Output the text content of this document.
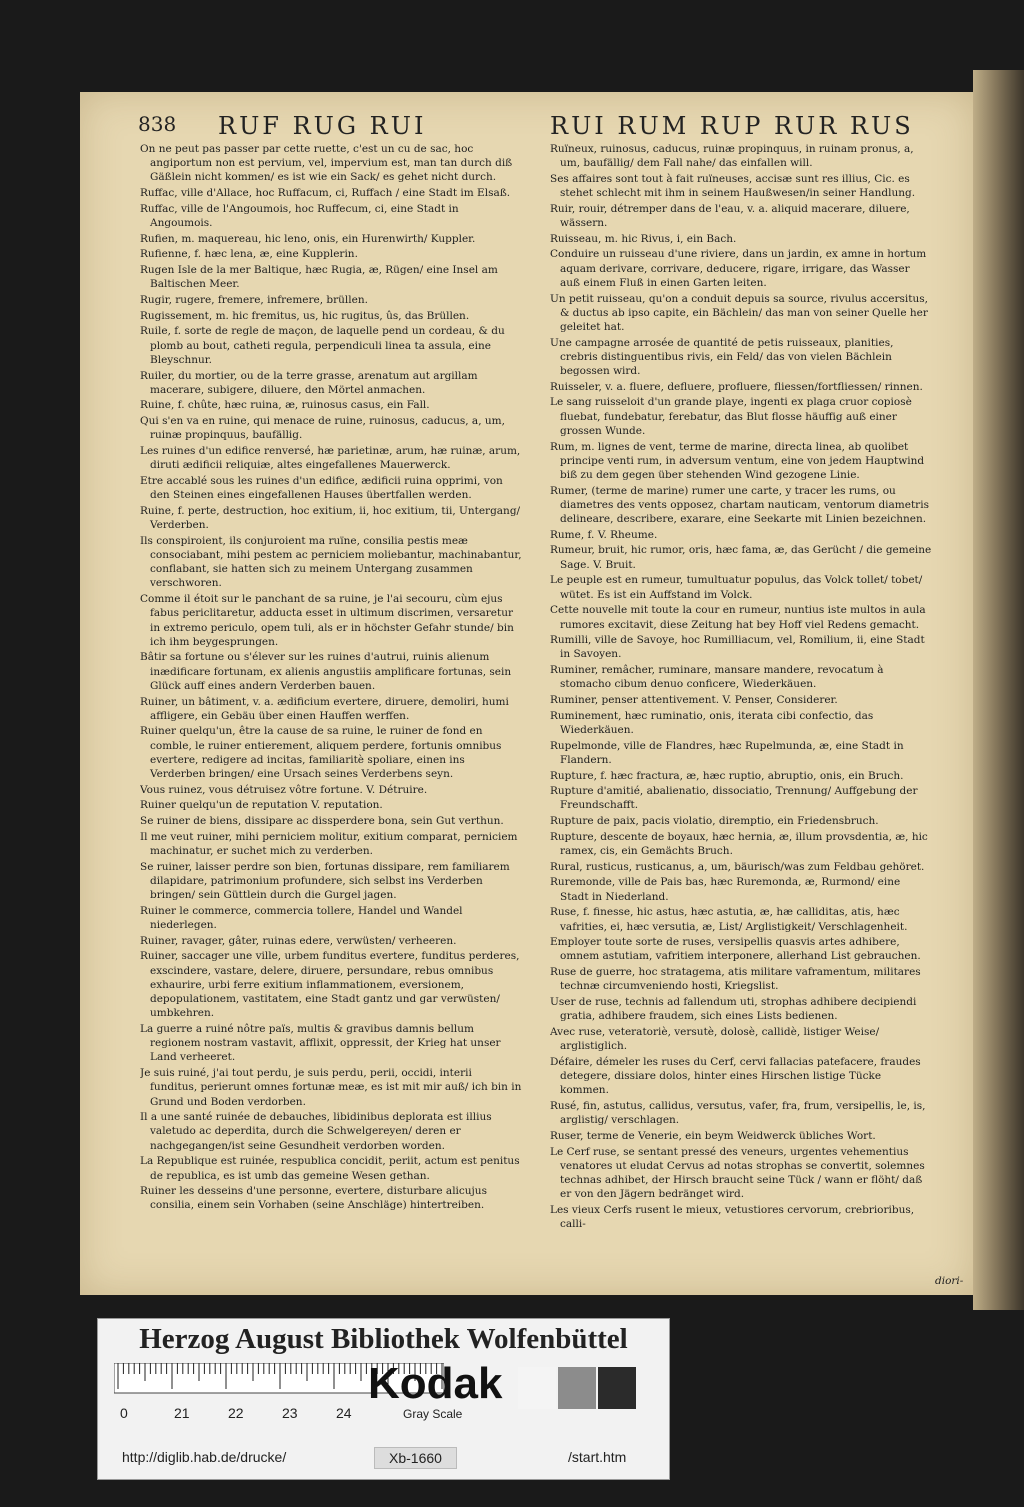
838 RUF RUG RUI	RUI RUM RUP RUR RUS

On ne peut pas passer par cette ruette, c'est un cu de sac, hoc angiportum non est pervium, vel, impervium est, man tan durch diß Gäßlein nicht kommen/ es ist wie ein Sack/ es gehet nicht durch.

Ruffac, ville d'Allace, hoc Ruffacum, ci, Ruffach / eine Stadt im Elsaß.

Ruffac, ville de l'Angoumois, hoc Ruffecum, ci, eine Stadt in Angoumois.

Rufien, m. maquereau, hic leno, onis, ein Hurenwirth/ Kuppler.

Rufienne, f. hæc lena, æ, eine Kupplerin.

Rugen Isle de la mer Baltique, hæc Rugia, æ, Rügen/ eine Insel am Baltischen Meer.

Rugir, rugere, fremere, infremere, brüllen.

Rugissement, m. hic fremitus, us, hic rugitus, ûs, das Brüllen.

Ruile, f. sorte de regle de maçon, de laquelle pend un cordeau, & du plomb au bout, catheti regula, perpendiculi linea ta assula, eine Bleyschnur.

Ruiler, du mortier, ou de la terre grasse, arenatum aut argillam macerare, subigere, diluere, den Mörtel anmachen.

Ruine, f. chûte, hæc ruina, æ, ruinosus casus, ein Fall.

Qui s'en va en ruine, qui menace de ruine, ruinosus, caducus, a, um, ruinæ propinquus, baufällig.

Les ruines d'un edifice renversé, hæ parietinæ, arum, hæ ruinæ, arum, diruti ædificii reliquiæ, altes eingefallenes Mauerwerck.

Etre accablé sous les ruines d'un edifice, ædificii ruina opprimi, von den Steinen eines eingefallenen Hauses übertfallen werden.

Ruine, f. perte, destruction, hoc exitium, ii, hoc exitium, tii, Untergang/ Verderben.

Ils conspiroient, ils conjuroient ma ruïne, consilia pestis meæ consociabant, mihi pestem ac perniciem moliebantur, machinabantur, conflabant, sie hatten sich zu meinem Untergang zusammen verschworen.

Comme il étoit sur le panchant de sa ruine, je l'ai secouru, cùm ejus fabus periclitaretur, adducta esset in ultimum discrimen, versaretur in extremo periculo, opem tuli, als er in höchster Gefahr stunde/ bin ich ihm beygesprungen.

Bâtir sa fortune ou s'élever sur les ruines d'autrui, ruinis alienum inædificare fortunam, ex alienis angustiis amplificare fortunas, sein Glück auff eines andern Verderben bauen.

Ruiner, un bâtiment, v. a. ædificium evertere, diruere, demoliri, humi affligere, ein Gebäu über einen Hauffen werffen.

Ruiner quelqu'un, être la cause de sa ruine, le ruiner de fond en comble, le ruiner entierement, aliquem perdere, fortunis omnibus evertere, redigere ad incitas, familiaritè spoliare, einen ins Verderben bringen/ eine Ursach seines Verderbens seyn.

Vous ruinez, vous détruisez vôtre fortune. V. Détruire.

Ruiner quelqu'un de reputation V. reputation.

Se ruiner de biens, dissipare ac dissperdere bona, sein Gut verthun.

Il me veut ruiner, mihi perniciem molitur, exitium comparat, perniciem machinatur, er suchet mich zu verderben.

Se ruiner, laisser perdre son bien, fortunas dissipare, rem familiarem dilapidare, patrimonium profundere, sich selbst ins Verderben bringen/ sein Güttlein durch die Gurgel jagen.

Ruiner le commerce, commercia tollere, Handel und Wandel niederlegen.

Ruiner, ravager, gâter, ruinas edere, verwüsten/ verheeren.

Ruiner, saccager une ville, urbem funditus evertere, funditus perderes, exscindere, vastare, delere, diruere, persundare, rebus omnibus exhaurire, urbi ferre exitium inflammationem, eversionem, depopulationem, vastitatem, eine Stadt gantz und gar verwüsten/ umbkehren.

La guerre a ruiné nôtre païs, multis & gravibus damnis bellum regionem nostram vastavit, afflixit, oppressit, der Krieg hat unser Land verheeret.

Je suis ruiné, j'ai tout perdu, je suis perdu, perii, occidi, interii funditus, perierunt omnes fortunæ meæ, es ist mit mir auß/ ich bin in Grund und Boden verdorben.

Il a une santé ruinée de debauches, libidinibus deplorata est illius valetudo ac deperdita, durch die Schwelgereyen/ deren er nachgegangen/ist seine Gesundheit verdorben worden.

La Republique est ruinée, respublica concidit, periit, actum est penitus de republica, es ist umb das gemeine Wesen gethan.

Ruiner les desseins d'une personne, evertere, disturbare alicujus consilia, einem sein Vorhaben (seine Anschläge) hintertreiben.

Ruïneux, ruinosus, caducus, ruinæ propinquus, in ruinam pronus, a, um, baufällig/ dem Fall nahe/ das einfallen will.

Ses affaires sont tout à fait ruïneuses, accisæ sunt res illius, Cic. es stehet schlecht mit ihm in seinem Haußwesen/in seiner Handlung.

Ruir, rouir, détremper dans de l'eau, v. a. aliquid macerare, diluere, wässern.

Ruisseau, m. hic Rivus, i, ein Bach.

Conduire un ruisseau d'une riviere, dans un jardin, ex amne in hortum aquam derivare, corrivare, deducere, rigare, irrigare, das Wasser auß einem Fluß in einen Garten leiten.

Un petit ruisseau, qu'on a conduit depuis sa source, rivulus accersitus, & ductus ab ipso capite, ein Bächlein/ das man von seiner Quelle her geleitet hat.

Une campagne arrosée de quantité de petis ruisseaux, planities, crebris distinguentibus rivis, ein Feld/ das von vielen Bächlein begossen wird.

Ruisseler, v. a. fluere, defluere, profluere, fliessen/fortfliessen/ rinnen.

Le sang ruisseloit d'un grande playe, ingenti ex plaga cruor copiosè fluebat, fundebatur, ferebatur, das Blut flosse häuffig auß einer grossen Wunde.

Rum, m. lignes de vent, terme de marine, directa linea, ab quolibet principe venti rum, in adversum ventum, eine von jedem Hauptwind biß zu dem gegen über stehenden Wind gezogene Linie.

Rumer, (terme de marine) rumer une carte, y tracer les rums, ou diametres des vents opposez, chartam nauticam, ventorum diametris delineare, describere, exarare, eine Seekarte mit Linien bezeichnen.

Rume, f. V. Rheume.

Rumeur, bruit, hic rumor, oris, hæc fama, æ, das Gerücht / die gemeine Sage. V. Bruit.

Le peuple est en rumeur, tumultuatur populus, das Volck tollet/ tobet/ wütet. Es ist ein Auffstand im Volck.

Cette nouvelle mit toute la cour en rumeur, nuntius iste multos in aula rumores excitavit, diese Zeitung hat bey Hoff viel Redens gemacht.

Rumilli, ville de Savoye, hoc Rumilliacum, vel, Romilium, ii, eine Stadt in Savoyen.

Ruminer, remâcher, ruminare, mansare mandere, revocatum à stomacho cibum denuo conficere, Wiederkäuen.

Ruminer, penser attentivement. V. Penser, Considerer.

Ruminement, hæc ruminatio, onis, iterata cibi confectio, das Wiederkäuen.

Rupelmonde, ville de Flandres, hæc Rupelmunda, æ, eine Stadt in Flandern.

Rupture, f. hæc fractura, æ, hæc ruptio, abruptio, onis, ein Bruch.

Rupture d'amitié, abalienatio, dissociatio, Trennung/ Auffgebung der Freundschafft.

Rupture de paix, pacis violatio, diremptio, ein Friedensbruch.

Rupture, descente de boyaux, hæc hernia, æ, illum provsdentia, æ, hic ramex, cis, ein Gemächts Bruch.

Rural, rusticus, rusticanus, a, um, bäurisch/was zum Feldbau gehöret.

Ruremonde, ville de Pais bas, hæc Ruremonda, æ, Rurmond/ eine Stadt in Niederland.

Ruse, f. finesse, hic astus, hæc astutia, æ, hæ calliditas, atis, hæc vafrities, ei, hæc versutia, æ, List/ Arglistigkeit/ Verschlagenheit.

Employer toute sorte de ruses, versipellis quasvis artes adhibere, omnem astutiam, vafritiem interponere, allerhand List gebrauchen.

Ruse de guerre, hoc stratagema, atis militare vaframentum, militares technæ circumveniendo hosti, Kriegslist.

User de ruse, technis ad fallendum uti, strophas adhibere decipiendi gratia, adhibere fraudem, sich eines Lists bedienen.

Avec ruse, veteratoriè, versutè, dolosè, callidè, listiger Weise/ arglistiglich.

Défaire, démeler les ruses du Cerf, cervi fallacias patefacere, fraudes detegere, dissiare dolos, hinter eines Hirschen listige Tücke kommen.

Rusé, fin, astutus, callidus, versutus, vafer, fra, frum, versipellis, le, is, arglistig/ verschlagen.

Ruser, terme de Venerie, ein beym Weidwerck übliches Wort.

Le Cerf ruse, se sentant pressé des veneurs, urgentes vehementius venatores ut eludat Cervus ad notas strophas se convertit, solemnes technas adhibet, der Hirsch braucht seine Tück / wann er flöht/ daß er von den Jägern bedränget wird.

Les vieux Cerfs rusent le mieux, vetustiores cervorum, crebrioribus, calli-

diori-
Herzog August Bibliothek Wolfenbüttel
0	21	22	23	24
Kodak
Gray Scale
http://diglib.hab.de/drucke/	Xb-1660	/start.htm
